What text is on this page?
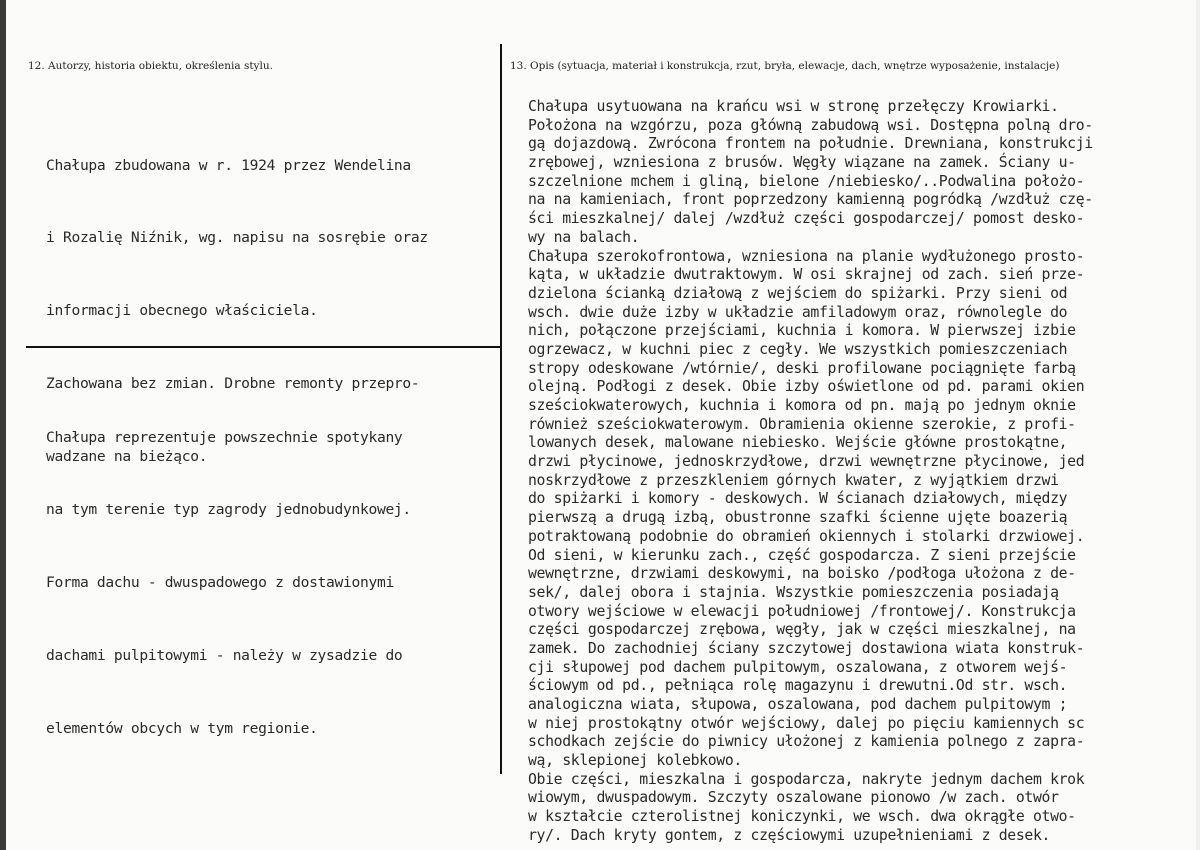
12. Autorzy, historia obiektu, określenia stylu.	13. Opis (sytuacja, materiał i konstrukcja, rzut, bryła, elewacje, dach, wnętrze wyposażenie, instalacje)

Chałupa zbudowana w r. 1924 przez Wendelina

i Rozalię Niźnik, wg. napisu na sosrębie oraz

informacji obecnego właściciela.

Zachowana bez zmian. Drobne remonty przepro-

wadzane na bieżąco.

Chałupa reprezentuje powszechnie spotykany

na tym terenie typ zagrody jednobudynkowej.

Forma dachu - dwuspadowego z dostawionymi

dachami pulpitowymi - należy w zysadzie do

elementów obcych w tym regionie.

Chałupa usytuowana na krańcu wsi w stronę przełęczy Krowiarki.
Położona na wzgórzu, poza główną zabudową wsi. Dostępna polną dro-
gą dojazdową. Zwrócona frontem na południe. Drewniana, konstrukcji
zrębowej, wzniesiona z brusów. Węgły wiązane na zamek. Ściany u-
szczelnione mchem i gliną, bielone /niebiesko/..Podwalina położo-
na na kamieniach, front poprzedzony kamienną pogródką /wzdłuż czę-
ści mieszkalnej/ dalej /wzdłuż części gospodarczej/ pomost desko-
wy na balach.
Chałupa szerokofrontowa, wzniesiona na planie wydłużonego prosto-
kąta, w układzie dwutraktowym. W osi skrajnej od zach. sień prze-
dzielona ścianką działową z wejściem do spiżarki. Przy sieni od
wsch. dwie duże izby w układzie amfiladowym oraz, równolegle do
nich, połączone przejściami, kuchnia i komora. W pierwszej izbie
ogrzewacz, w kuchni piec z cegły. We wszystkich pomieszczeniach
stropy odeskowane /wtórnie/, deski profilowane pociągnięte farbą
olejną. Podłogi z desek. Obie izby oświetlone od pd. parami okien
sześciokwaterowych, kuchnia i komora od pn. mają po jednym oknie
również sześciokwaterowym. Obramienia okienne szerokie, z profi-
lowanych desek, malowane niebiesko. Wejście główne prostokątne,
drzwi płycinowe, jednoskrzydłowe, drzwi wewnętrzne płycinowe, jed
noskrzydłowe z przeszkleniem górnych kwater, z wyjątkiem drzwi
do spiżarki i komory - deskowych. W ścianach działowych, między
pierwszą a drugą izbą, obustronne szafki ścienne ujęte boazerią
potraktowaną podobnie do obramień okiennych i stolarki drzwiowej.
Od sieni, w kierunku zach., część gospodarcza. Z sieni przejście
wewnętrzne, drzwiami deskowymi, na boisko /podłoga ułożona z de-
sek/, dalej obora i stajnia. Wszystkie pomieszczenia posiadają
otwory wejściowe w elewacji południowej /frontowej/. Konstrukcja
części gospodarczej zrębowa, węgły, jak w części mieszkalnej, na
zamek. Do zachodniej ściany szczytowej dostawiona wiata konstruk-
cji słupowej pod dachem pulpitowym, oszalowana, z otworem wejś-
ściowym od pd., pełniąca rolę magazynu i drewutni.Od str. wsch.
analogiczna wiata, słupowa, oszalowana, pod dachem pulpitowym ;
w niej prostokątny otwór wejściowy, dalej po pięciu kamiennych sc
schodkach zejście do piwnicy ułożonej z kamienia polnego z zapra-
wą, sklepionej kolebkowo.
Obie części, mieszkalna i gospodarcza, nakryte jednym dachem krok
wiowym, dwuspadowym. Szczyty oszalowane pionowo /w zach. otwór
w kształcie czterolistnej koniczynki, we wsch. dwa okrągłe otwo-
ry/. Dach kryty gontem, z częściowymi uzupełnieniami z desek.
